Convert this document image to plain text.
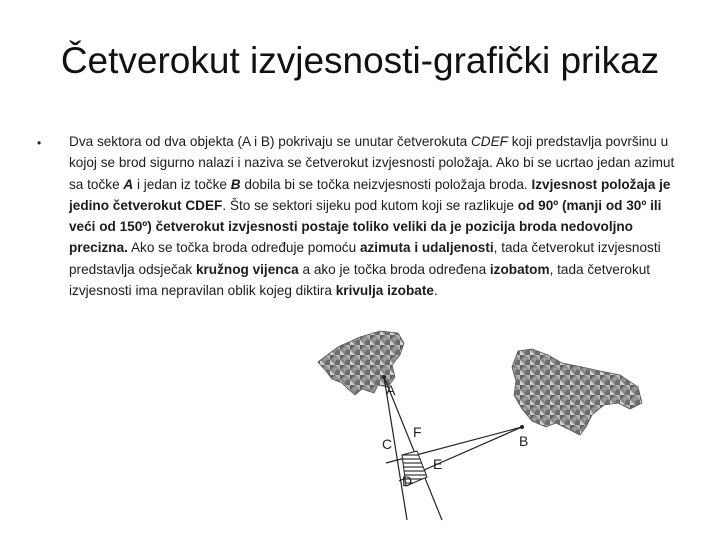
Četverokut izvjesnosti-grafički prikaz
• Dva sektora od dva objekta (A i B) pokrivaju se unutar četverokuta CDEF koji predstavlja površinu u kojoj se brod sigurno nalazi i naziva se četverokut izvjesnosti položaja. Ako bi se ucrtao jedan azimut sa točke A i jedan iz točke B dobila bi se točka neizvjesnosti položaja broda. Izvjesnost položaja je jedino četverokut CDEF. Što se sektori sijeku pod kutom koji se razlikuje od 90º (manji od 30º ili veći od 150º) četverokut izvjesnosti postaje toliko veliki da je pozicija broda nedovoljno precizna. Ako se točka broda određuje pomoću azimuta i udaljenosti, tada četverokut izvjesnosti predstavlja odsječak kružnog vijenca a ako je točka broda određena izobatom, tada četverokut izvjesnosti ima nepravilan oblik kojeg diktira krivulja izobate.
A
B
C
F
E
D
